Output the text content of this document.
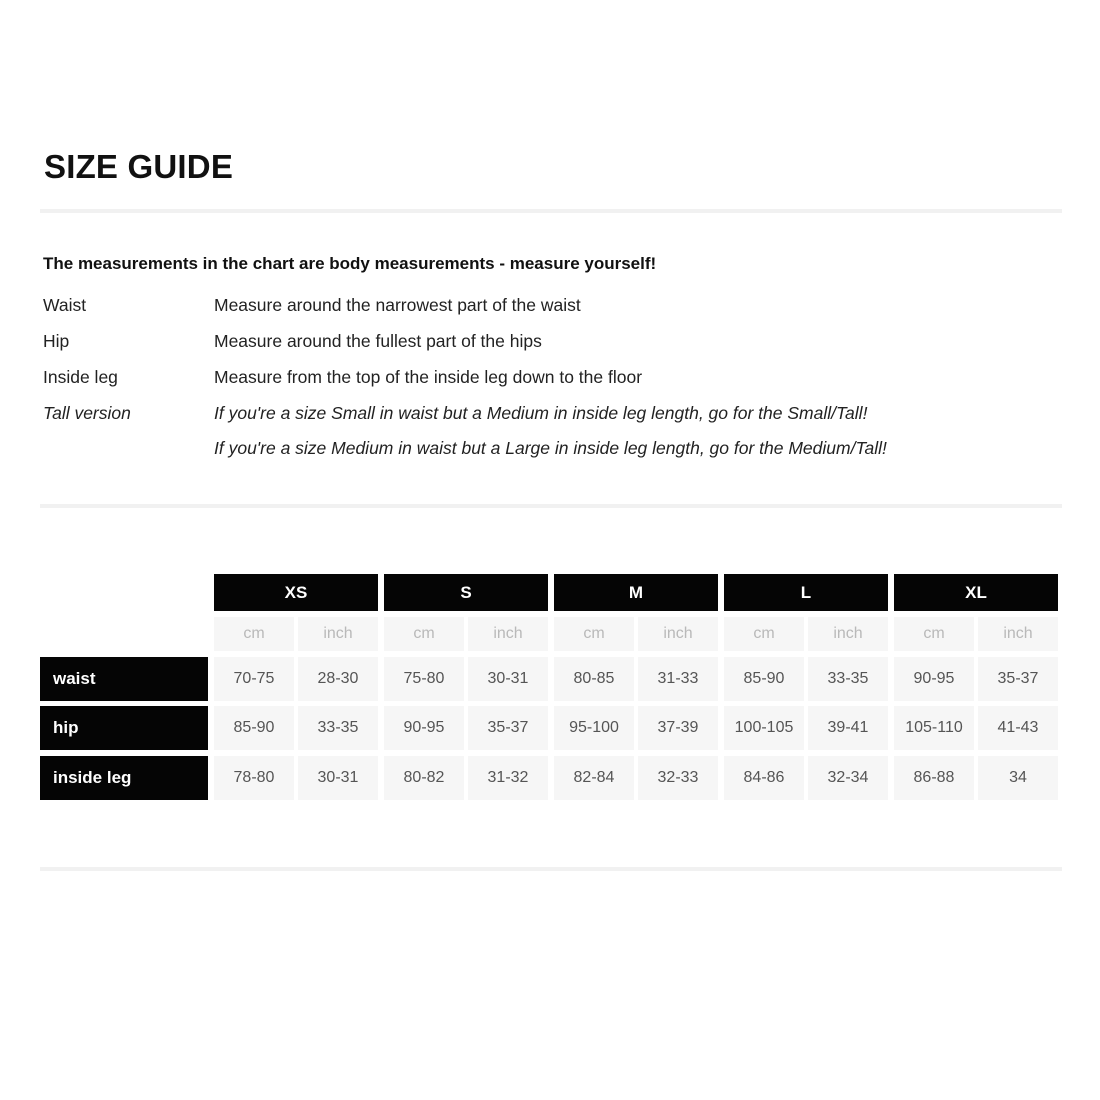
SIZE GUIDE

The measurements in the chart are body measurements - measure yourself!

Waist	Measure around the narrowest part of the waist
Hip	Measure around the fullest part of the hips
Inside leg	Measure from the top of the inside leg down to the floor
Tall version	If you're a size Small in waist but a Medium in inside leg length, go for the Small/Tall!
If you're a size Medium in waist but a Large in inside leg length, go for the Medium/Tall!
XS
cm	inch
S
cm	inch
M
cm	inch
L
cm	inch
XL
cm	inch
waist	70-75	28-30	75-80	30-31	80-85	31-33	85-90	33-35	90-95	35-37
hip	85-90	33-35	90-95	35-37	95-100	37-39	100-105	39-41	105-110	41-43
inside leg	78-80	30-31	80-82	31-32	82-84	32-33	84-86	32-34	86-88	34
